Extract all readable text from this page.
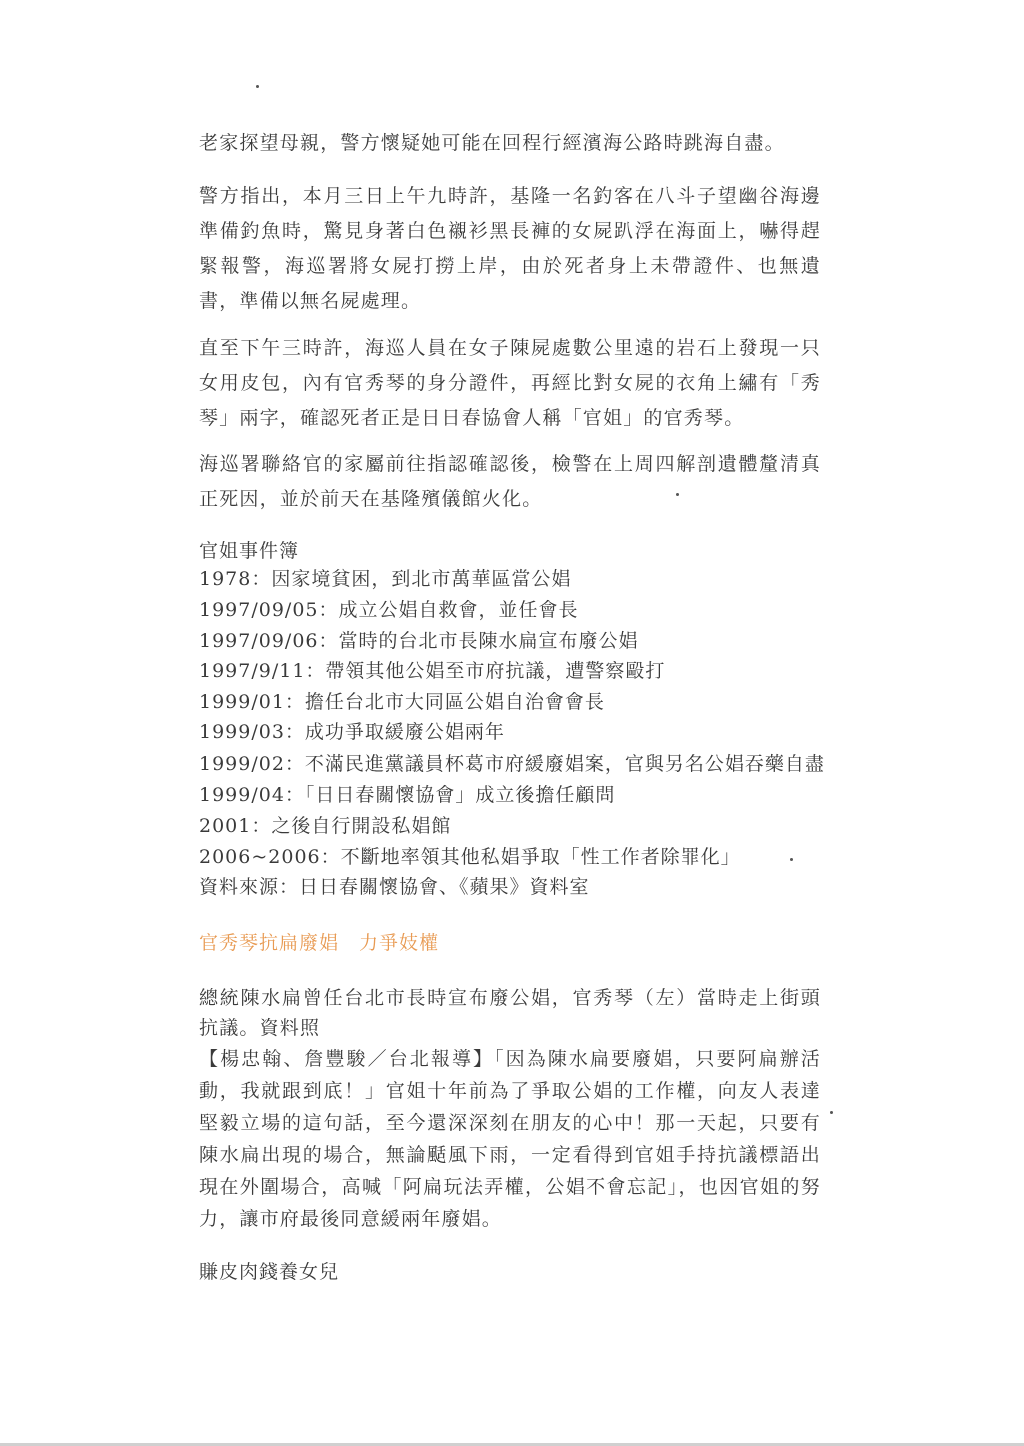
老家探望母親，警方懷疑她可能在回程行經濱海公路時跳海自盡。

警方指出，本月三日上午九時許，基隆一名釣客在八斗子望幽谷海邊準備釣魚時，驚見身著白色襯衫黑長褲的女屍趴浮在海面上，嚇得趕緊報警，海巡署將女屍打撈上岸，由於死者身上未帶證件、也無遺書，準備以無名屍處理。

直至下午三時許，海巡人員在女子陳屍處數公里遠的岩石上發現一只女用皮包，內有官秀琴的身分證件，再經比對女屍的衣角上繡有「秀琴」兩字，確認死者正是日日春協會人稱「官姐」的官秀琴。

海巡署聯絡官的家屬前往指認確認後，檢警在上周四解剖遺體釐清真正死因，並於前天在基隆殯儀館火化。

官姐事件簿
1978：因家境貧困，到北市萬華區當公娼
1997/09/05：成立公娼自救會，並任會長
1997/09/06：當時的台北市長陳水扁宣布廢公娼
1997/9/11：帶領其他公娼至市府抗議，遭警察毆打
1999/01：擔任台北市大同區公娼自治會會長
1999/03：成功爭取緩廢公娼兩年
1999/02：不滿民進黨議員杯葛市府緩廢娼案，官與另名公娼吞藥自盡
1999/04：「日日春關懷協會」成立後擔任顧問
2001：之後自行開設私娼館
2006~2006：不斷地率領其他私娼爭取「性工作者除罪化」
資料來源：日日春關懷協會、《蘋果》資料室
官秀琴抗扁廢娼　力爭妓權

總統陳水扁曾任台北市長時宣布廢公娼，官秀琴（左）當時走上街頭抗議。資料照

【楊忠翰、詹豐駿／台北報導】「因為陳水扁要廢娼，只要阿扁辦活動，我就跟到底！」官姐十年前為了爭取公娼的工作權，向友人表達堅毅立場的這句話，至今還深深刻在朋友的心中！那一天起，只要有陳水扁出現的場合，無論颳風下雨，一定看得到官姐手持抗議標語出現在外圍場合，高喊「阿扁玩法弄權，公娼不會忘記」，也因官姐的努力，讓市府最後同意緩兩年廢娼。

賺皮肉錢養女兒
